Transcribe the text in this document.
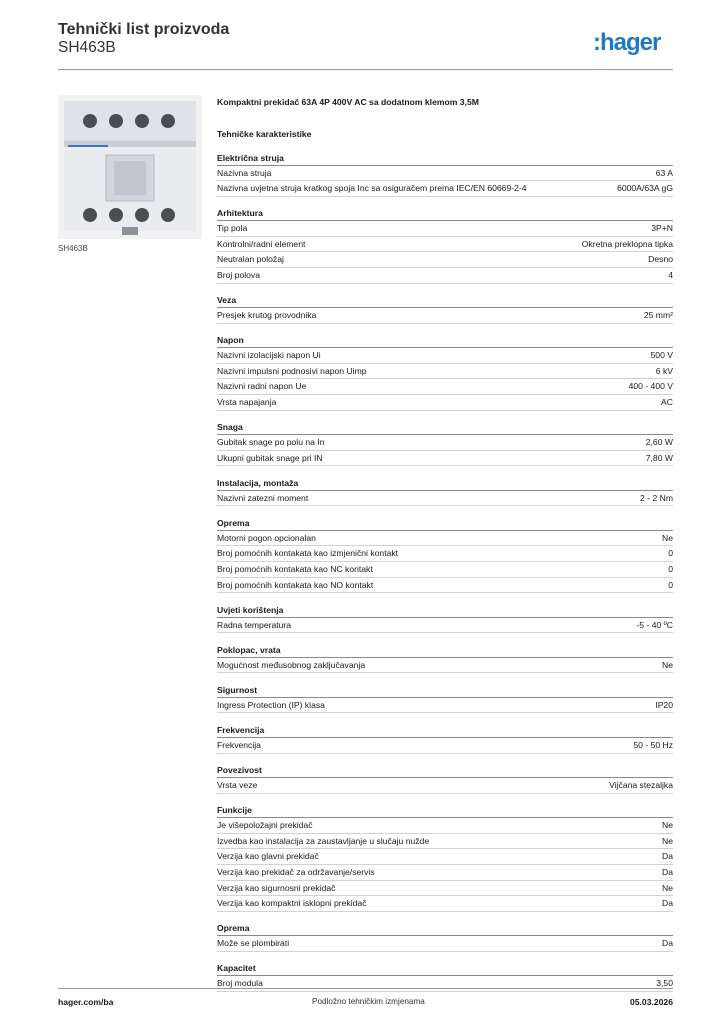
Tehnički list proizvoda
SH463B	:hager
SH463B
Kompaktni prekidač 63A 4P 400V AC sa dodatnom klemom 3,5M
Tehničke karakteristike
Električna struja
Nazivna struja	63 A
Nazivna uvjetna struja kratkog spoja Inc sa osiguračem prema IEC/EN 60669-2-4	6000A/63A gG
Arhitektura
Tip pola	3P+N
Kontrolni/radni element	Okretna preklopna tipka
Neutralan položaj	Desno
Broj polova	4
Veza
Presjek krutog provodnika	25 mm²
Napon
Nazivni izolacijski napon Ui	500 V
Nazivni impulsni podnosivi napon Uimp	6 kV
Nazivni radni napon Ue	400 - 400 V
Vrsta napajanja	AC
Snaga
Gubitak snage po polu na In	2,60 W
Ukupni gubitak snage pri IN	7,80 W
Instalacija, montaža
Nazivni zatezni moment	2 - 2 Nm
Oprema
Motorni pogon opcionalan	Ne
Broj pomoćnih kontakata kao izmjenični kontakt	0
Broj pomoćnih kontakata kao NC kontakt	0
Broj pomoćnih kontakata kao NO kontakt	0
Uvjeti korištenja
Radna temperatura	-5 - 40 ºC
Poklopac, vrata
Mogućnost međusobnog zaključavanja	Ne
Sigurnost
Ingress Protection (IP) klasa	IP20
Frekvencija
Frekvencija	50 - 50 Hz
Povezivost
Vrsta veze	Vijčana stezaljka
Funkcije
Je višepoložajni prekidač	Ne
Izvedba kao instalacija za zaustavljanje u slučaju nužde	Ne
Verzija kao glavni prekidač	Da
Verzija kao prekidač za održavanje/servis	Da
Verzija kao sigurnosni prekidač	Ne
Verzija kao kompaktni isklopni prekidač	Da
Oprema
Može se plombirati	Da
Kapacitet
Broj modula	3,50
hager.com/ba	Podložno tehničkim izmjenama	05.03.2026
